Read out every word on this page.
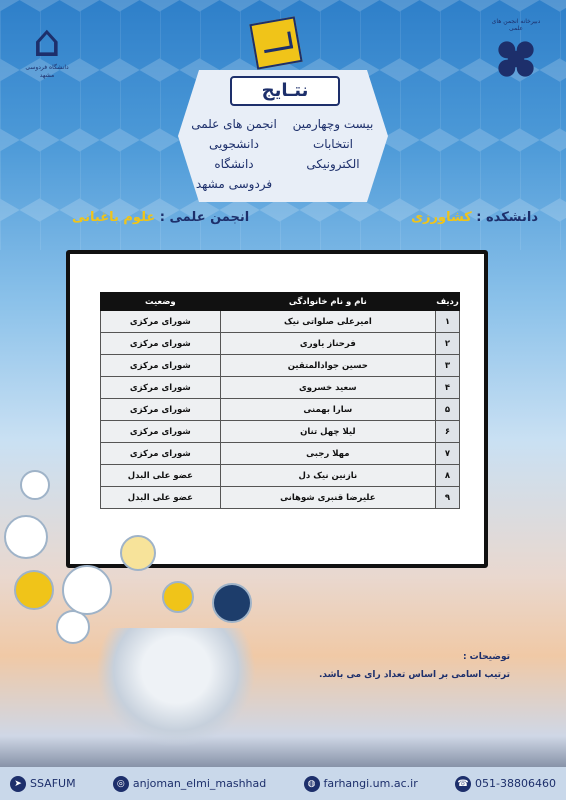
⌂
دانشگاه فردوسی مشهد
دبیرخانه انجمن های علمی
نتـایج
انجمن های علمی
دانشجویی دانشگاه
فردوسی مشهد
بیست وچهارمین
انتخابات
الکترونیکی
دانشکده : کشاورزی
انجمن علمی : علوم باغبانی
ردیف	نام و نام خانوادگی	وضعیت
۱	امیرعلی صلواتی نیک	شورای مرکزی
۲	فرحناز یاوری	شورای مرکزی
۳	حسین جوادالمتقین	شورای مرکزی
۴	سعید خسروی	شورای مرکزی
۵	سارا بهمنی	شورای مرکزی
۶	لیلا چهل تنان	شورای مرکزی
۷	مهلا رجبی	شورای مرکزی
۸	نازنین نیک دل	عضو علی البدل
۹	علیرضا قنبری شوهانی	عضو علی البدل
توضیحات :
ترتیب اسامی بر اساس تعداد رای می باشد.
➤ SSAFUM	◎ anjoman_elmi_mashhad	◍ farhangi.um.ac.ir	☎ 051-38806460
